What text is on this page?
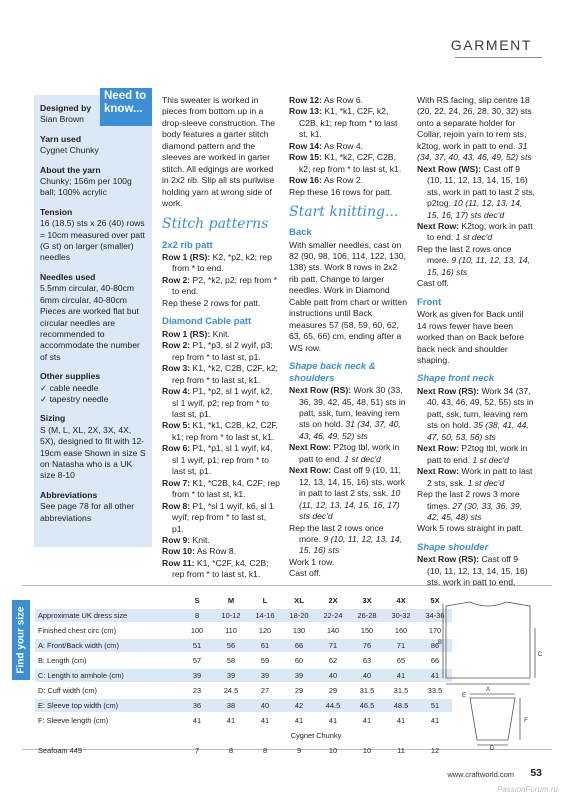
GARMENT
Need to
know...
Designed by
Sian Brown
Yarn used
Cygnet Chunky
About the yarn
Chunky; 156m per 100g ball; 100% acrylic
Tension
16 (18.5) sts x 26 (40) rows = 10cm measured over patt (G st) on larger (smaller) needles
Needles used
5.5mm circular, 40-80cm 6mm circular, 40-80cm Pieces are worked flat but circular needles are recommended to accommodate the number of sts
Other supplies
✓ cable needle
✓ tapestry needle
Sizing
S (M, L, XL, 2X, 3X, 4X, 5X), designed to fit with 12-19cm ease Shown in size S on Natasha who is a UK size 8-10
Abbreviations
See page 78 for all other abbreviations

This sweater is worked in pieces from bottom up in a drop-sleeve construction. The body features a garter stitch diamond pattern and the sleeves are worked in garter stitch. All edgings are worked in 2x2 rib. Slip all sts purlwise holding yarn at wrong side of work.

Stitch patterns
2x2 rib patt

Row 1 (RS): K2, *p2, k2; rep from * to end.

Row 2: P2, *k2, p2; rep from * to end.

Rep these 2 rows for patt.

Diamond Cable patt

Row 1 (RS): Knit.

Row 2: P1, *p3, sl 2 wyif, p3; rep from * to last st, p1.

Row 3: K1, *k2, C2B, C2F, k2; rep from * to last st, k1.

Row 4: P1, *p2, sl 1 wyif, k2, sl 1 wyif, p2; rep from * to last st, p1.

Row 5: K1, *k1, C2B, k2, C2F, k1; rep from * to last st, k1.

Row 6: P1, *p1, sl 1 wyif, k4, sl 1 wyif, p1; rep from * to last st, p1.

Row 7: K1, *C2B, k4, C2F; rep from * to last st, k1.

Row 8: P1, *sl 1 wyif, k6, sl 1 wyif; rep from * to last st, p1.

Row 9: Knit.

Row 10: As Row 8.

Row 11: K1, *C2F, k4, C2B; rep from * to last st, k1.

Row 12: As Row 6.

Row 13: K1, *k1, C2F, k2, C2B, k1; rep from * to last st, k1.

Row 14: As Row 4.

Row 15: K1, *k2, C2F, C2B, k2; rep from * to last st, k1.

Row 16: As Row 2.

Rep these 16 rows for patt.

Start knitting...
Back

With smaller needles, cast on 82 (90, 98, 106, 114, 122, 130, 138) sts. Work 8 rows in 2x2 rib patt. Change to larger needles. Work in Diamond Cable patt from chart or written instructions until Back measures 57 (58, 59, 60, 62, 63, 65, 66) cm, ending after a WS row.

Shape back neck & shoulders

Next Row (RS): Work 30 (33, 36, 39, 42, 45, 48, 51) sts in patt, ssk, turn, leaving rem sts on hold. 31 (34, 37, 40, 43, 46, 49, 52) sts

Next Row: P2tog tbl, work in patt to end. 1 st dec'd

Next Row: Cast off 9 (10, 11, 12, 13, 14, 15, 16) sts, work in patt to last 2 sts, ssk. 10 (11, 12, 13, 14, 15, 16, 17) sts dec'd

Rep the last 2 rows once more. 9 (10, 11, 12, 13, 14, 15, 16) sts

Work 1 row.

Cast off.

With RS facing, slip centre 18 (20, 22, 24, 26, 28, 30, 32) sts onto a separate holder for Collar, rejoin yarn to rem sts, k2tog, work in patt to end. 31 (34, 37, 40, 43, 46, 49, 52) sts

Next Row (WS): Cast off 9 (10, 11, 12, 13, 14, 15, 16) sts, work in patt to last 2 sts, p2tog. 10 (11, 12, 13, 14, 15, 16, 17) sts dec'd

Next Row: K2tog, work in patt to end. 1 st dec'd

Rep the last 2 rows once more. 9 (10, 11, 12, 13, 14, 15, 16) sts

Cast off.

Front

Work as given for Back until 14 rows fewer have been worked than on Back before back neck and shoulder shaping.

Shape front neck

Next Row (RS): Work 34 (37, 40, 43, 46, 49, 52, 55) sts in patt, ssk, turn, leaving rem sts on hold. 35 (38, 41, 44, 47, 50, 53, 56) sts

Next Row: P2tog tbl, work in patt to end. 1 st dec'd

Next Row: Work in patt to last 2 sts, ssk. 1 st dec'd

Rep the last 2 rows 3 more times. 27 (30, 33, 36, 39, 42, 45, 48) sts

Work 5 rows straight in patt.

Shape shoulder

Next Row (RS): Cast off 9 (10, 11, 12, 13, 14, 15, 16) sts, work in patt to end.

Find your size
	S	M	L	XL	2X	3X	4X	5X
Approximate UK dress size	8	10-12	14-16	18-20	22-24	26-28	30-32	34-36
Finished chest circ (cm)	100	110	120	130	140	150	160	170
A: Front/Back width (cm)	51	56	61	66	71	76	71	86
B: Length (cm)	57	58	59	60	62	63	65	66
C: Length to armhole (cm)	39	39	39	39	40	40	41	41
D: Cuff width (cm)	23	24.5	27	29	29	31.5	31.5	33.5
E: Sleeve top width (cm)	36	38	40	42	44.5	46.5	48.5	51
F: Sleeve length (cm)	41	41	41	41	41	41	41	41
	Cygnet Chunky							
Seafoam 449	7	8	8	9	10	10	11	12
B
C
A
E
F
D
www.craftworld.com 53
PassionForum.ru
